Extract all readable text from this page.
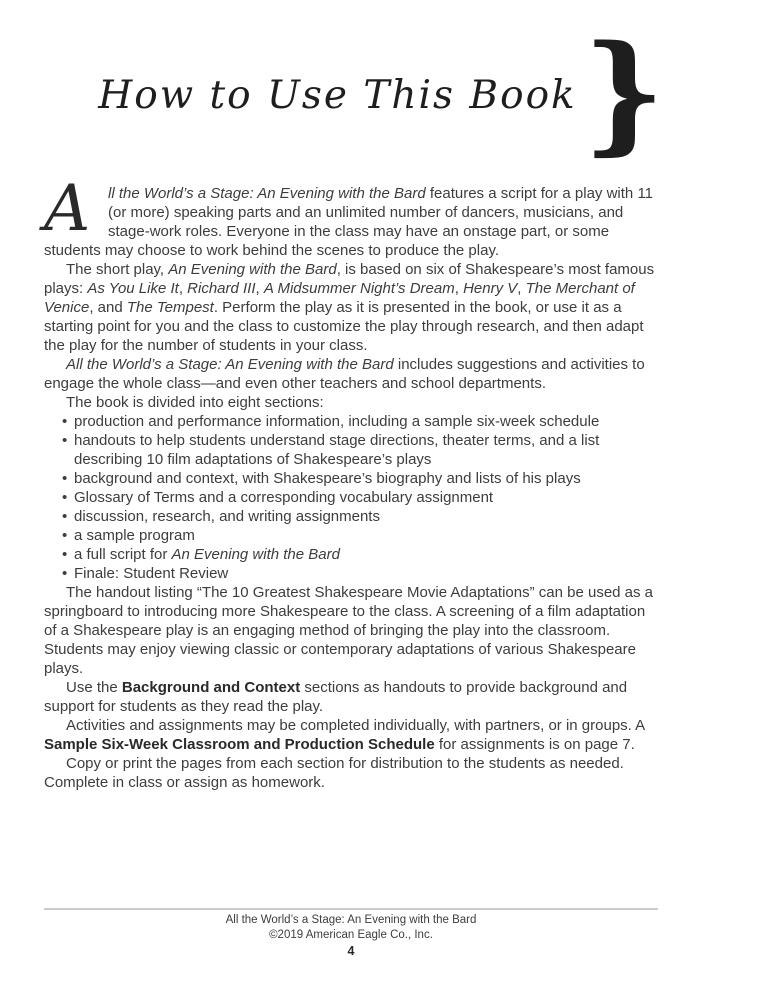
How to Use This Book }

A	ll the World’s a Stage: An Evening with the Bard features a script for a play with 11 (or more) speaking parts and an unlimited number of dancers, musicians, and stage-work roles. Everyone in the class may have an onstage part, or some students may choose to work behind the scenes to produce the play.

The short play, An Evening with the Bard, is based on six of Shakespeare’s most famous plays: As You Like It, Richard III, A Midsummer Night’s Dream, Henry V, The Merchant of Venice, and The Tempest. Perform the play as it is presented in the book, or use it as a starting point for you and the class to customize the play through research, and then adapt the play for the number of students in your class.

All the World’s a Stage: An Evening with the Bard includes suggestions and activities to engage the whole class—and even other teachers and school departments.

The book is divided into eight sections:

• production and performance information, including a sample six-week schedule
• handouts to help students understand stage directions, theater terms, and a list describing 10 film adaptations of Shakespeare’s plays
• background and context, with Shakespeare’s biography and lists of his plays
• Glossary of Terms and a corresponding vocabulary assignment
• discussion, research, and writing assignments
• a sample program
• a full script for An Evening with the Bard
• Finale: Student Review

The handout listing “The 10 Greatest Shakespeare Movie Adaptations” can be used as a springboard to introducing more Shakespeare to the class. A screening of a film adaptation of a Shakespeare play is an engaging method of bringing the play into the classroom. Students may enjoy viewing classic or contemporary adaptations of various Shakespeare plays.

Use the Background and Context sections as handouts to provide background and support for students as they read the play.

Activities and assignments may be completed individually, with partners, or in groups. A Sample Six-Week Classroom and Production Schedule for assignments is on page 7.

Copy or print the pages from each section for distribution to the students as needed. Complete in class or assign as homework.

All the World’s a Stage: An Evening with the Bard
©2019 American Eagle Co., Inc.
4
